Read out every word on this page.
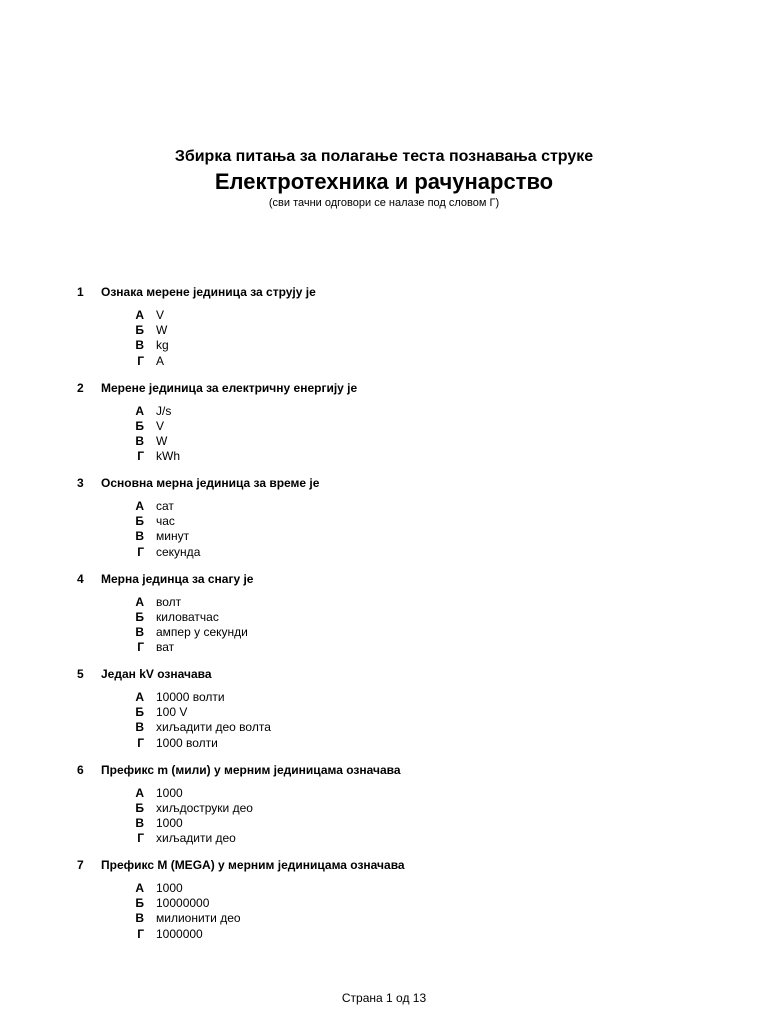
Збирка питања за полагање теста познавања струке
Електротехника и рачунарство
(сви тачни одговори се налазе под словом Г)
1 Ознака мерене јединица за струју је
А V
Б W
В kg
Г A
2 Мерене јединица за електричну енергију је
А J/s
Б V
В W
Г kWh
3 Основна мерна јединица за време је
А сат
Б час
В минут
Г секунда
4 Мерна јединца за снагу је
А волт
Б киловатчас
В ампер у секунди
Г ват
5 Један kV означава
А 10000 волти
Б 100 V
В хиљадити део волта
Г 1000 волти
6 Префикс m (мили) у мерним јединицама означава
А 1000
Б хиљдоструки део
В 1000
Г хиљадити део
7 Префикс M (MEGA) у мерним јединицама означава
А 1000
Б 10000000
В милионити део
Г 1000000
Страна 1 од 13
